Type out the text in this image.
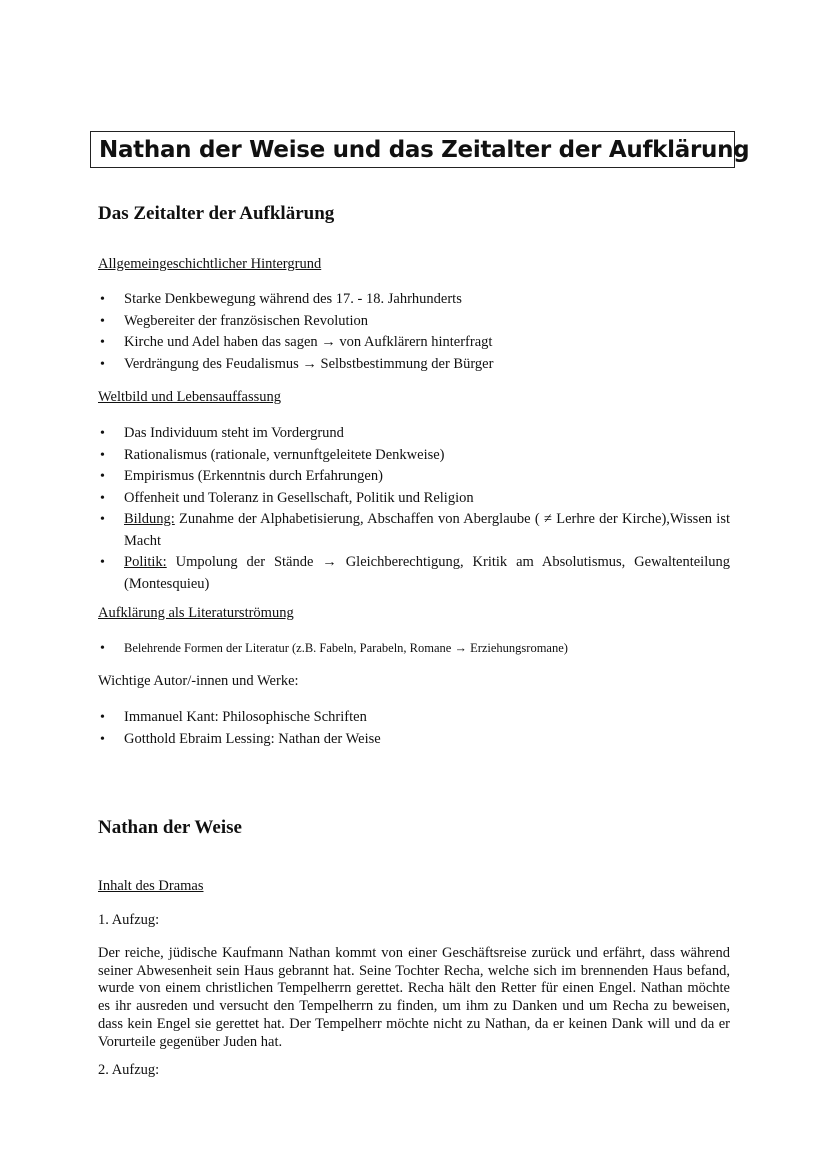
Nathan der Weise und das Zeitalter der Aufklärung
Das Zeitalter der Aufklärung
Allgemeingeschichtlicher Hintergrund
• Starke Denkbewegung während des 17. - 18. Jahrhunderts
• Wegbereiter der französischen Revolution
• Kirche und Adel haben das sagen → von Aufklärern hinterfragt
• Verdrängung des Feudalismus → Selbstbestimmung der Bürger
Weltbild und Lebensauffassung
• Das Individuum steht im Vordergrund
• Rationalismus (rationale, vernunftgeleitete Denkweise)
• Empirismus (Erkenntnis durch Erfahrungen)
• Offenheit und Toleranz in Gesellschaft, Politik und Religion
• Bildung: Zunahme der Alphabetisierung, Abschaffen von Aberglaube ( ≠ Lerhre der Kirche),Wissen ist Macht
• Politik: Umpolung der Stände → Gleichberechtigung, Kritik am Absolutismus, Gewaltenteilung (Montesquieu)
Aufklärung als Literaturströmung
• Belehrende Formen der Literatur (z.B. Fabeln, Parabeln, Romane → Erziehungsromane)
Wichtige Autor/-innen und Werke:
• Immanuel Kant: Philosophische Schriften
• Gotthold Ebraim Lessing: Nathan der Weise
Nathan der Weise
Inhalt des Dramas
1. Aufzug:

Der reiche, jüdische Kaufmann Nathan kommt von einer Geschäftsreise zurück und erfährt, dass während seiner Abwesenheit sein Haus gebrannt hat. Seine Tochter Recha, welche sich im brennenden Haus befand, wurde von einem christlichen Tempelherrn gerettet. Recha hält den Retter für einen Engel. Nathan möchte es ihr ausreden und versucht den Tempelherrn zu finden, um ihm zu Danken und um Recha zu beweisen, dass kein Engel sie gerettet hat. Der Tempelherr möchte nicht zu Nathan, da er keinen Dank will und da er Vorurteile gegenüber Juden hat.

2. Aufzug:
